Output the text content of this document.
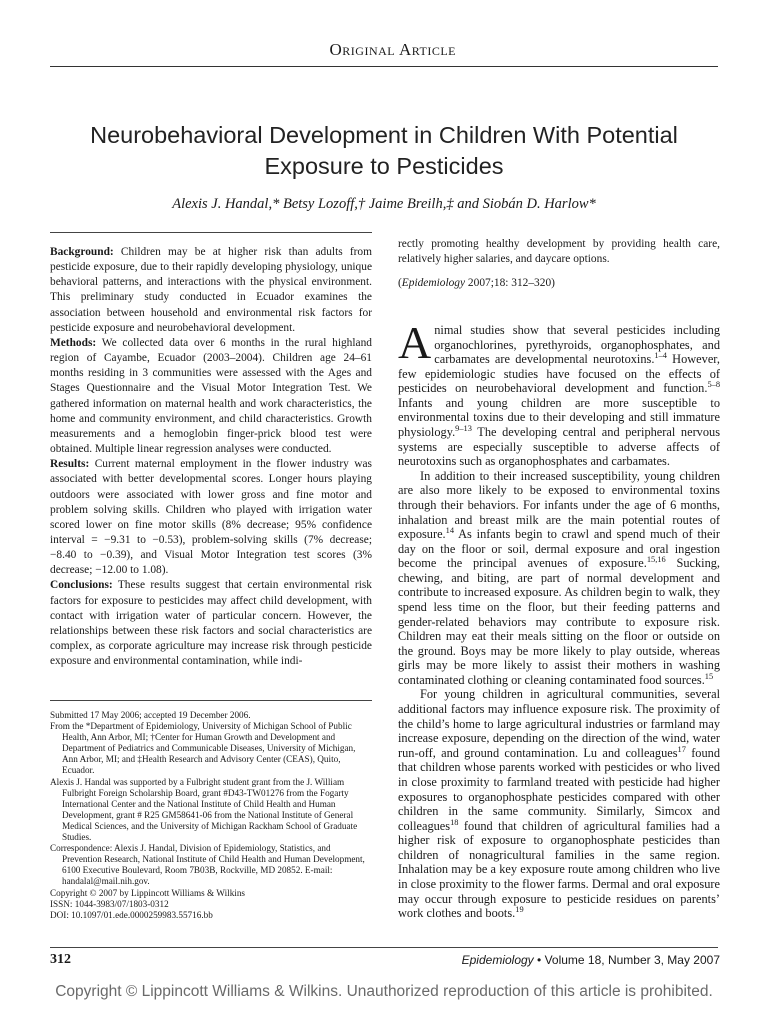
Original Article
Neurobehavioral Development in Children With Potential Exposure to Pesticides
Alexis J. Handal,* Betsy Lozoff,† Jaime Breilh,‡ and Siobán D. Harlow*

Background: Children may be at higher risk than adults from pesticide exposure, due to their rapidly developing physiology, unique behavioral patterns, and interactions with the physical environment. This preliminary study conducted in Ecuador examines the association between household and environmental risk factors for pesticide exposure and neurobehavioral development.

Methods: We collected data over 6 months in the rural highland region of Cayambe, Ecuador (2003–2004). Children age 24–61 months residing in 3 communities were assessed with the Ages and Stages Questionnaire and the Visual Motor Integration Test. We gathered information on maternal health and work characteristics, the home and community environment, and child characteristics. Growth measurements and a hemoglobin finger-prick blood test were obtained. Multiple linear regression analyses were conducted.

Results: Current maternal employment in the flower industry was associated with better developmental scores. Longer hours playing outdoors were associated with lower gross and fine motor and problem solving skills. Children who played with irrigation water scored lower on fine motor skills (8% decrease; 95% confidence interval = −9.31 to −0.53), problem-solving skills (7% decrease; −8.40 to −0.39), and Visual Motor Integration test scores (3% decrease; −12.00 to 1.08).

Conclusions: These results suggest that certain environmental risk factors for exposure to pesticides may affect child development, with contact with irrigation water of particular concern. However, the relationships between these risk factors and social characteristics are complex, as corporate agriculture may increase risk through pesticide exposure and environmental contamination, while indi-

rectly promoting healthy development by providing health care, relatively higher salaries, and daycare options.

(Epidemiology 2007;18: 312–320)

Submitted 17 May 2006; accepted 19 December 2006.

From the *Department of Epidemiology, University of Michigan School of Public Health, Ann Arbor, MI; †Center for Human Growth and Development and Department of Pediatrics and Communicable Diseases, University of Michigan, Ann Arbor, MI; and ‡Health Research and Advisory Center (CEAS), Quito, Ecuador.

Alexis J. Handal was supported by a Fulbright student grant from the J. William Fulbright Foreign Scholarship Board, grant #D43-TW01276 from the Fogarty International Center and the National Institute of Child Health and Human Development, grant # R25 GM58641-06 from the National Institute of General Medical Sciences, and the University of Michigan Rackham School of Graduate Studies.

Correspondence: Alexis J. Handal, Division of Epidemiology, Statistics, and Prevention Research, National Institute of Child Health and Human Development, 6100 Executive Boulevard, Room 7B03B, Rockville, MD 20852. E-mail: handalal@mail.nih.gov.

Copyright © 2007 by Lippincott Williams & Wilkins

ISSN: 1044-3983/07/1803-0312

DOI: 10.1097/01.ede.0000259983.55716.bb

Animal studies show that several pesticides including organochlorines, pyrethyroids, organophosphates, and carbamates are developmental neurotoxins.$^{1-4}$ However, few epidemiologic studies have focused on the effects of pesticides on neurobehavioral development and function.$^{5-8}$ Infants and young children are more susceptible to environmental toxins due to their developing and still immature physiology.$^{9-13}$ The developing central and peripheral nervous systems are especially susceptible to adverse affects of neurotoxins such as organophosphates and carbamates.

In addition to their increased susceptibility, young children are also more likely to be exposed to environmental toxins through their behaviors. For infants under the age of 6 months, inhalation and breast milk are the main potential routes of exposure.$^{14}$ As infants begin to crawl and spend much of their day on the floor or soil, dermal exposure and oral ingestion become the principal avenues of exposure.$^{15,16}$ Sucking, chewing, and biting, are part of normal development and contribute to increased exposure. As children begin to walk, they spend less time on the floor, but their feeding patterns and gender-related behaviors may contribute to exposure risk. Children may eat their meals sitting on the floor or outside on the ground. Boys may be more likely to play outside, whereas girls may be more likely to assist their mothers in washing contaminated clothing or cleaning contaminated food sources.$^{15}$

For young children in agricultural communities, several additional factors may influence exposure risk. The proximity of the child’s home to large agricultural industries or farmland may increase exposure, depending on the direction of the wind, water run-off, and ground contamination. Lu and colleagues$^{17}$ found that children whose parents worked with pesticides or who lived in close proximity to farmland treated with pesticide had higher exposures to organophosphate pesticides compared with other children in the same community. Similarly, Simcox and colleagues$^{18}$ found that children of agricultural families had a higher risk of exposure to organophosphate pesticides than children of nonagricultural families in the same region. Inhalation may be a key exposure route among children who live in close proximity to the flower farms. Dermal and oral exposure may occur through exposure to pesticide residues on parents’ work clothes and boots.$^{19}$

312	Epidemiology • Volume 18, Number 3, May 2007
Copyright © Lippincott Williams & Wilkins. Unauthorized reproduction of this article is prohibited.
